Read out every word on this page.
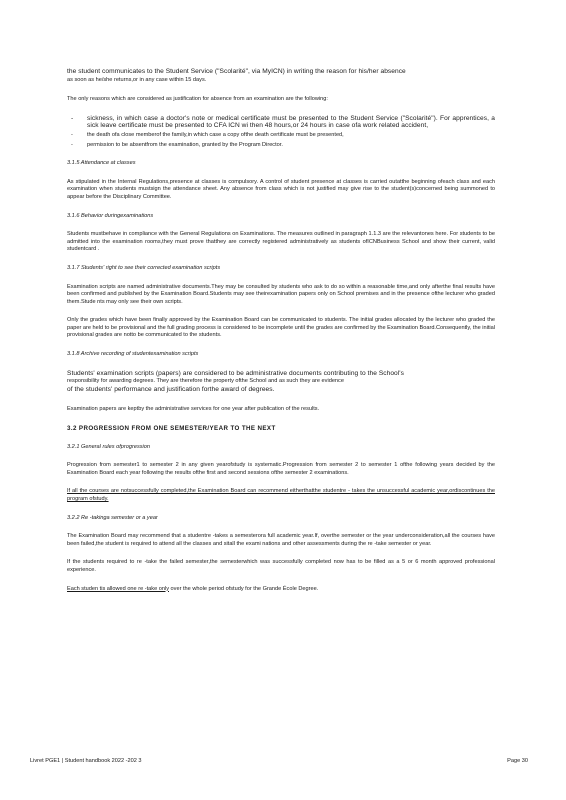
the student communicates to the Student Service ("Scolarité", via MyICN) in writing the reason for his/her absence
as soon as he/she returns,or in any case within 15 days.

The only reasons which are considered as justification for absence from an examination are the following:

- sickness, in which case a doctor's note or medical certificate must be presented to the Student Service ("Scolarité"). For apprentices, a sick leave certificate must be presented to CFA ICN wi then 48 hours,or 24 hours in case ofa work related accident,
- the death ofa close memberof the family,in which case a copy ofthe death certificate must be presented,
- permission to be absentfrom the examination, granted by the Program Director.
3.1.5 Attendance at classes

As stipulated in the Internal Regulations,presence at classes is compulsory. A control of student presence at classes is carried outatthe beginning ofeach class and each examination when students mustsign the attendance sheet. Any absence from class which is not justified may give rise to the student(s)concerned being summoned to appear before the Disciplinary Committee.

3.1.6 Behavior duringexaminations

Students mustbehave in compliance with the General Regulations on Examinations. The measures outlined in paragraph 1.1.3 are the relevantones here. For students to be admitted into the examination rooms,they must prove thatthey are correctly registered administratively as students ofICNBusiness School and show their current, valid studentcard .

3.1.7 Students' right to see their corrected examination scripts

Examination scripts are named administrative documents.They may be consulted by students who ask to do so within a reasonable time,and only afterthe final results have been confirmed and published by the Examination Board.Students may see theirexamination papers only on School premises and in the presence ofthe lecturer who graded them.Stude nts may only see their own scripts.

Only the grades which have been finally approved by the Examination Board can be communicated to students. The initial grades allocated by the lecturer who graded the paper are held to be provisional and the full grading process is considered to be incomplete until the grades are confirmed by the Examination Board.Consequently, the initial provisional grades are notto be communicated to the students.

3.1.8 Archive recording of studentexamination scripts

Students' examination scripts (papers) are considered to be administrative documents contributing to the School's
responsibility for awarding degrees. They are therefore the property ofthe School and as such they are evidence
of the students' performance and justification forthe award of degrees.

Examination papers are keptby the administrative services for one year after publication of the results.

3.2 PROGRESSION FROM ONE SEMESTER/YEAR TO THE NEXT
3.2.1 General rules ofprogression

Progression from semester1 to semester 2 in any given yearofstudy is systematic.Progression from semester 2 to semester 1 ofthe following years decided by the Examination Board each year following the results ofthe first and second sessions ofthe semester 2 examinations.

If all the courses are notsuccessfully completed,the Examination Board can recommend eitherthatthe studentre - takes the unsuccessful academic year,ordiscontinues the program ofstudy.

3.2.2 Re -takinga semester or a year

The Examination Board may recommend that a studentre -takes a semesterora full academic year.If, overthe semester or the year underconsideration,all the courses have been failed,the student is required to attend all the classes and sitall the exami nations and other assessments during the re -take semester or year.

If the students required to re -take the failed semester,the semesterwhich was successfully completed now has to be filled as a 5 or 6 month approved professional experience.

Each studen tis allowed one re -take only over the whole period ofstudy for the Grande École Degree.

Livret PGE1 | Student handbook 2022 -202 3	Page 30
